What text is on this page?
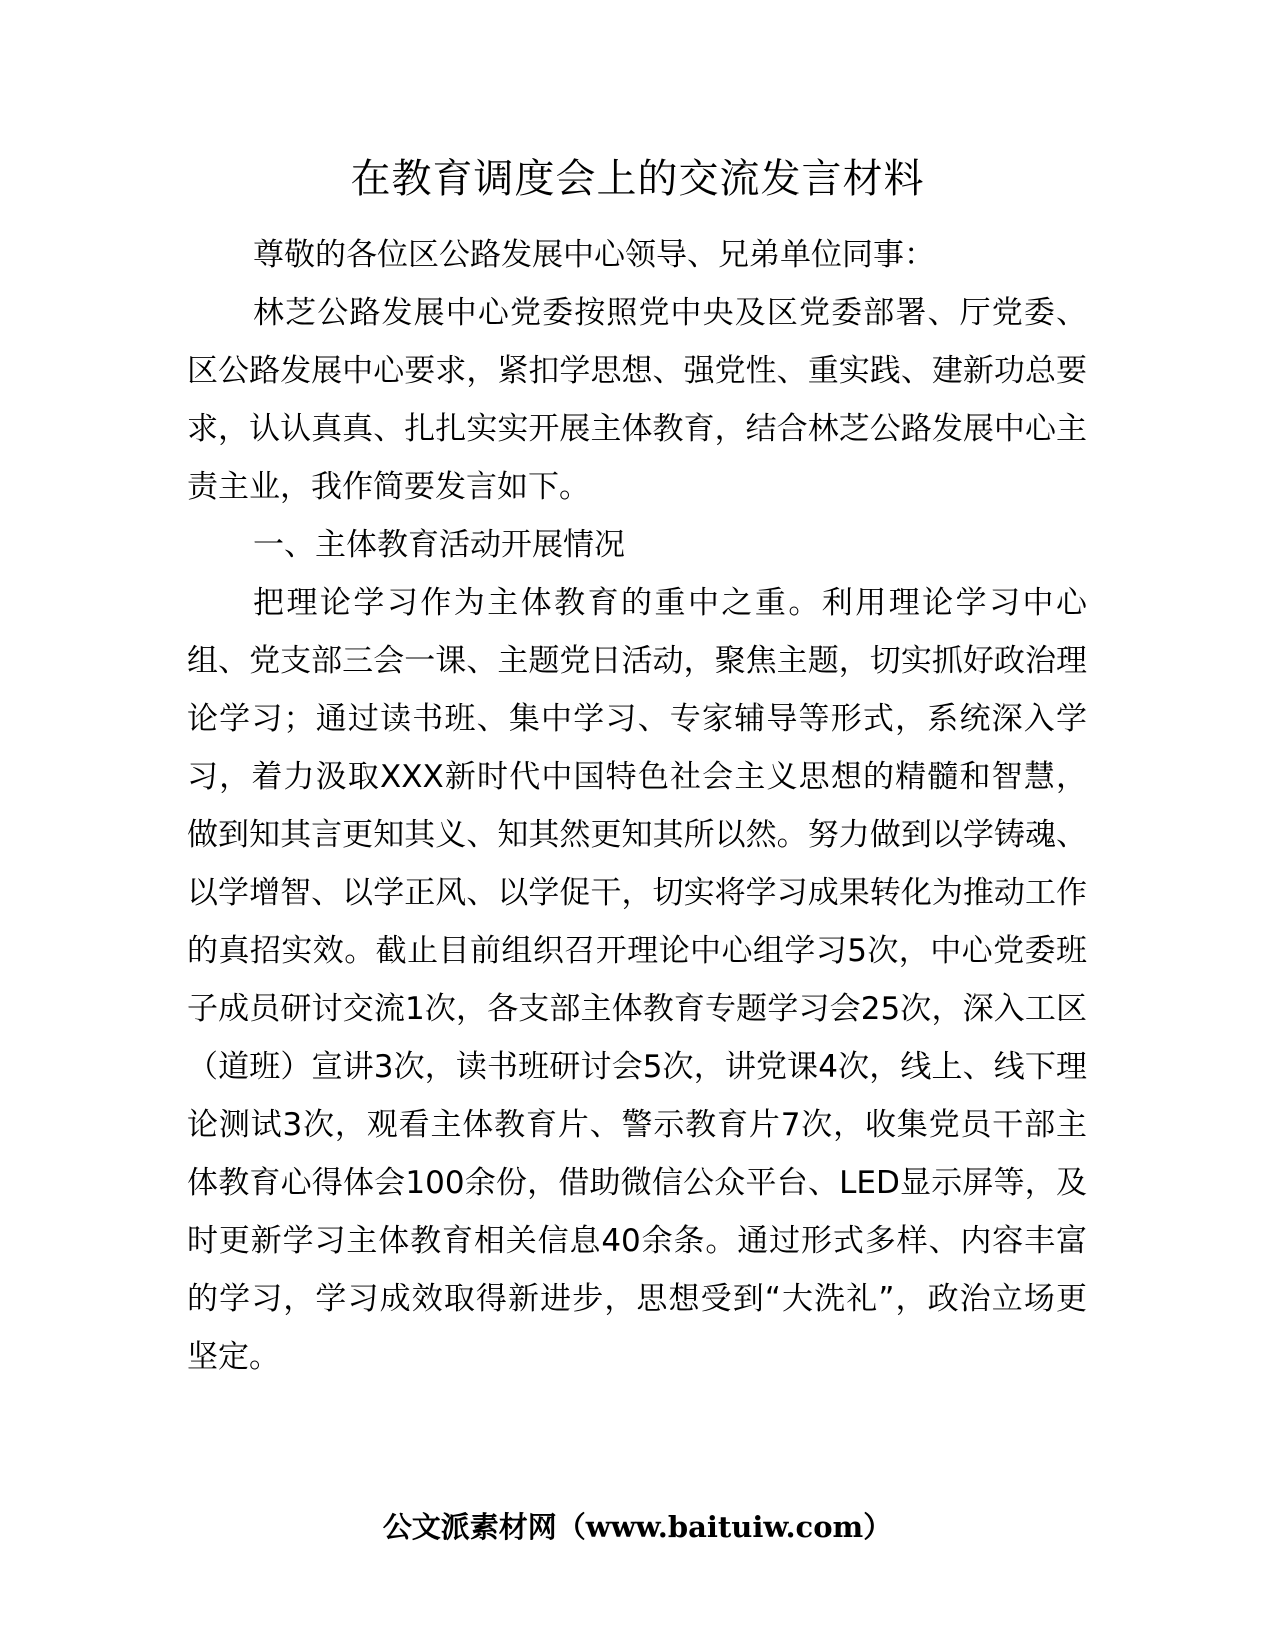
在教育调度会上的交流发言材料

尊敬的各位区公路发展中心领导、兄弟单位同事：

林芝公路发展中心党委按照党中央及区党委部署、厅党委、区公路发展中心要求，紧扣学思想、强党性、重实践、建新功总要求，认认真真、扎扎实实开展主体教育，结合林芝公路发展中心主责主业，我作简要发言如下。

一、主体教育活动开展情况

把理论学习作为主体教育的重中之重。利用理论学习中心组、党支部三会一课、主题党日活动，聚焦主题，切实抓好政治理论学习；通过读书班、集中学习、专家辅导等形式，系统深入学习，着力汲取XXX新时代中国特色社会主义思想的精髓和智慧，做到知其言更知其义、知其然更知其所以然。努力做到以学铸魂、以学增智、以学正风、以学促干，切实将学习成果转化为推动工作的真招实效。截止目前组织召开理论中心组学习5次，中心党委班子成员研讨交流1次，各支部主体教育专题学习会25次，深入工区（道班）宣讲3次，读书班研讨会5次，讲党课4次，线上、线下理论测试3次，观看主体教育片、警示教育片7次，收集党员干部主体教育心得体会100余份，借助微信公众平台、LED显示屏等，及时更新学习主体教育相关信息40余条。通过形式多样、内容丰富的学习，学习成效取得新进步，思想受到“大洗礼”，政治立场更坚定。

公文派素材网（www.baituiw.com）
